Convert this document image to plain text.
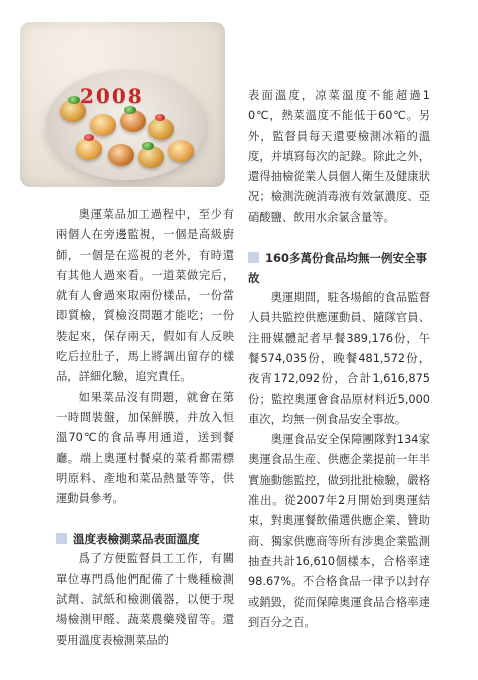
2008

奧運菜品加工過程中，至少有兩個人在旁邊監視，一個是高級廚師，一個是在巡視的老外，有時還有其他人過來看。一道菜做完后，就有人會過來取兩份樣品，一份當即質檢，質檢沒問題才能吃；一份裝起來，保存兩天，假如有人反映吃后拉肚子，馬上將調出留存的樣品，詳細化驗，追究責任。

如果菜品沒有問題，就會在第一時間裝盤，加保鮮膜，并放入恒溫70℃的食品專用通道，送到餐廳。端上奧運村餐桌的菜肴都需標明原料、產地和菜品熱量等等，供運動員參考。

溫度表檢測菜品表面溫度

爲了方便監督員工工作，有關單位專門爲他們配備了十幾種檢測試劑、試紙和檢測儀器，以便于現場檢測甲醛、蔬菜農藥殘留等。還要用溫度表檢測菜品的

表面溫度，凉菜溫度不能超過10℃，熱菜溫度不能低于60℃。另外，監督員每天還要檢測冰箱的溫度，并填寫每次的記錄。除此之外，還得抽檢從業人員個人衛生及健康狀况；檢測洗碗消毒液有效氯濃度、亞硝酸鹽、飲用水余氯含量等。

160多萬份食品均無一例安全事故

奧運期間，駐各場館的食品監督人員共監控供應運動員、隨隊官員、注冊媒體記者早餐389,176份，午餐574,035份，晚餐481,572份，夜宵172,092份，合計1,616,875份；監控奧運會食品原材料近5,000車次，均無一例食品安全事故。

奧運食品安全保障團隊對134家奧運食品生産、供應企業提前一年半實施動態監控，做到批批檢驗，嚴格准出。從2007年2月開始到奧運結束，對奧運餐飲備選供應企業、贊助商、獨家供應商等所有涉奧企業監測抽查共計16,610個樣本，合格率達98.67%。不合格食品一律予以封存或銷毀，從而保障奧運食品合格率達到百分之百。
